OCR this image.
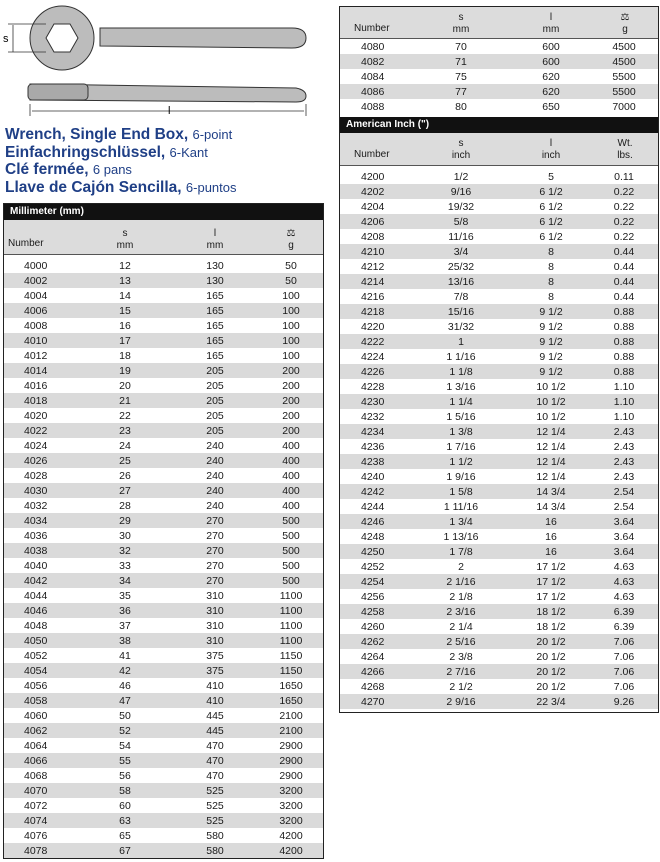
s
l
Wrench, Single End Box, 6-point
Einfachringschlüssel, 6-Kant
Clé fermée, 6 pans
Llave de Cajón Sencilla, 6-puntos
Millimeter (mm)
Number
s
mm
l
mm
⚖
g
4000	12	130	50
4002	13	130	50
4004	14	165	100
4006	15	165	100
4008	16	165	100
4010	17	165	100
4012	18	165	100
4014	19	205	200
4016	20	205	200
4018	21	205	200
4020	22	205	200
4022	23	205	200
4024	24	240	400
4026	25	240	400
4028	26	240	400
4030	27	240	400
4032	28	240	400
4034	29	270	500
4036	30	270	500
4038	32	270	500
4040	33	270	500
4042	34	270	500
4044	35	310	1100
4046	36	310	1100
4048	37	310	1100
4050	38	310	1100
4052	41	375	1150
4054	42	375	1150
4056	46	410	1650
4058	47	410	1650
4060	50	445	2100
4062	52	445	2100
4064	54	470	2900
4066	55	470	2900
4068	56	470	2900
4070	58	525	3200
4072	60	525	3200
4074	63	525	3200
4076	65	580	4200
4078	67	580	4200
Number
s
mm
l
mm
⚖
g
4080	70	600	4500
4082	71	600	4500
4084	75	620	5500
4086	77	620	5500
4088	80	650	7000
American Inch (")
Number
s
inch
l
inch
Wt.
lbs.
4200	1/2	5	0.11
4202	9/16	6 1/2	0.22
4204	19/32	6 1/2	0.22
4206	5/8	6 1/2	0.22
4208	11/16	6 1/2	0.22
4210	3/4	8	0.44
4212	25/32	8	0.44
4214	13/16	8	0.44
4216	7/8	8	0.44
4218	15/16	9 1/2	0.88
4220	31/32	9 1/2	0.88
4222	1	9 1/2	0.88
4224	1 1/16	9 1/2	0.88
4226	1 1/8	9 1/2	0.88
4228	1 3/16	10 1/2	1.10
4230	1 1/4	10 1/2	1.10
4232	1 5/16	10 1/2	1.10
4234	1 3/8	12 1/4	2.43
4236	1 7/16	12 1/4	2.43
4238	1 1/2	12 1/4	2.43
4240	1 9/16	12 1/4	2.43
4242	1 5/8	14 3/4	2.54
4244	1 11/16	14 3/4	2.54
4246	1 3/4	16	3.64
4248	1 13/16	16	3.64
4250	1 7/8	16	3.64
4252	2	17 1/2	4.63
4254	2 1/16	17 1/2	4.63
4256	2 1/8	17 1/2	4.63
4258	2 3/16	18 1/2	6.39
4260	2 1/4	18 1/2	6.39
4262	2 5/16	20 1/2	7.06
4264	2 3/8	20 1/2	7.06
4266	2 7/16	20 1/2	7.06
4268	2 1/2	20 1/2	7.06
4270	2 9/16	22 3/4	9.26
